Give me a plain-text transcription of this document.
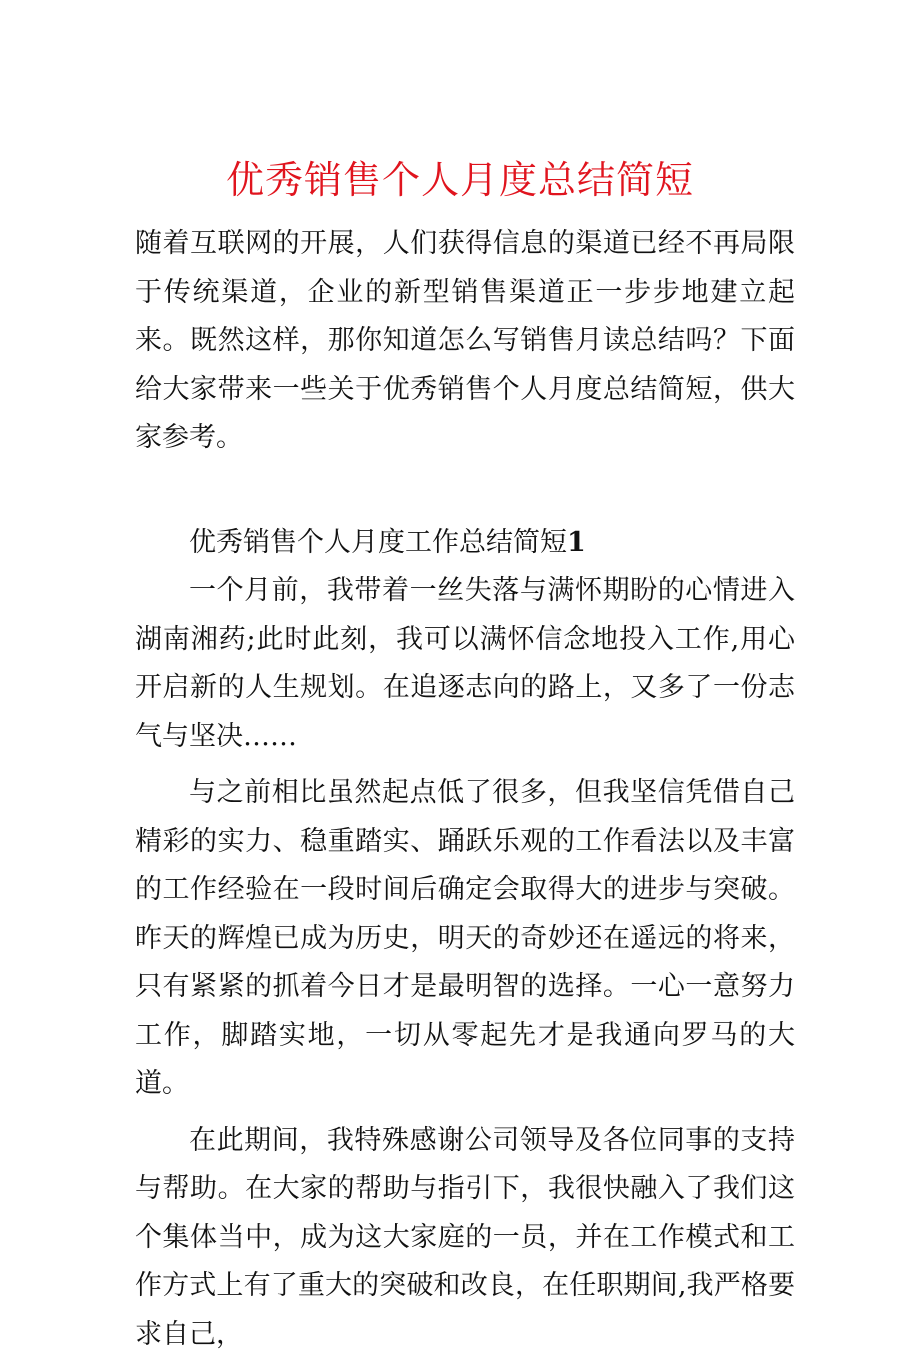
优秀销售个人月度总结简短

随着互联网的开展，人们获得信息的渠道已经不再局限于传统渠道，企业的新型销售渠道正一步步地建立起来。既然这样，那你知道怎么写销售月读总结吗？下面给大家带来一些关于优秀销售个人月度总结简短，供大家参考。

优秀销售个人月度工作总结简短1

一个月前，我带着一丝失落与满怀期盼的心情进入湖南湘药;此时此刻，我可以满怀信念地投入工作,用心开启新的人生规划。在追逐志向的路上，又多了一份志气与坚决……

与之前相比虽然起点低了很多，但我坚信凭借自己精彩的实力、稳重踏实、踊跃乐观的工作看法以及丰富的工作经验在一段时间后确定会取得大的进步与突破。昨天的辉煌已成为历史，明天的奇妙还在遥远的将来，只有紧紧的抓着今日才是最明智的选择。一心一意努力工作，脚踏实地，一切从零起先才是我通向罗马的大道。

在此期间，我特殊感谢公司领导及各位同事的支持与帮助。在大家的帮助与指引下，我很快融入了我们这个集体当中，成为这大家庭的一员，并在工作模式和工作方式上有了重大的突破和改良，在任职期间,我严格要求自己，
